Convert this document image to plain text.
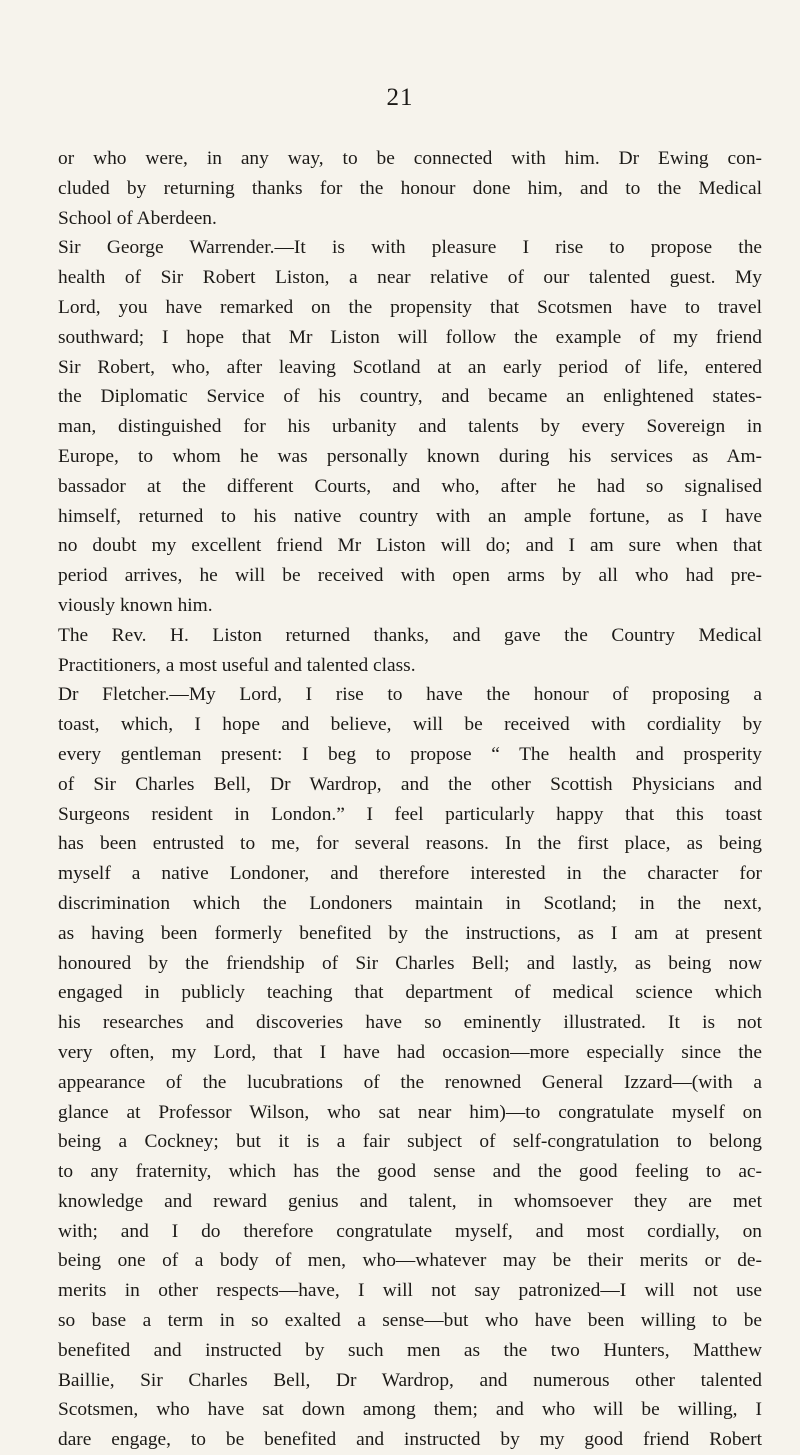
21
or who were, in any way, to be connected with him. Dr Ewing con-
cluded by returning thanks for the honour done him, and to the Medical
School of Aberdeen.
Sir George Warrender.—It is with pleasure I rise to propose the
health of Sir Robert Liston, a near relative of our talented guest. My
Lord, you have remarked on the propensity that Scotsmen have to travel
southward; I hope that Mr Liston will follow the example of my friend
Sir Robert, who, after leaving Scotland at an early period of life, entered
the Diplomatic Service of his country, and became an enlightened states-
man, distinguished for his urbanity and talents by every Sovereign in
Europe, to whom he was personally known during his services as Am-
bassador at the different Courts, and who, after he had so signalised
himself, returned to his native country with an ample fortune, as I have
no doubt my excellent friend Mr Liston will do; and I am sure when that
period arrives, he will be received with open arms by all who had pre-
viously known him.
The Rev. H. Liston returned thanks, and gave the Country Medical
Practitioners, a most useful and talented class.
Dr Fletcher.—My Lord, I rise to have the honour of proposing a
toast, which, I hope and believe, will be received with cordiality by
every gentleman present: I beg to propose “ The health and prosperity
of Sir Charles Bell, Dr Wardrop, and the other Scottish Physicians and
Surgeons resident in London.” I feel particularly happy that this toast
has been entrusted to me, for several reasons. In the first place, as being
myself a native Londoner, and therefore interested in the character for
discrimination which the Londoners maintain in Scotland; in the next,
as having been formerly benefited by the instructions, as I am at present
honoured by the friendship of Sir Charles Bell; and lastly, as being now
engaged in publicly teaching that department of medical science which
his researches and discoveries have so eminently illustrated. It is not
very often, my Lord, that I have had occasion—more especially since the
appearance of the lucubrations of the renowned General Izzard—(with a
glance at Professor Wilson, who sat near him)—to congratulate myself on
being a Cockney; but it is a fair subject of self-congratulation to belong
to any fraternity, which has the good sense and the good feeling to ac-
knowledge and reward genius and talent, in whomsoever they are met
with; and I do therefore congratulate myself, and most cordially, on
being one of a body of men, who—whatever may be their merits or de-
merits in other respects—have, I will not say patronized—I will not use
so base a term in so exalted a sense—but who have been willing to be
benefited and instructed by such men as the two Hunters, Matthew
Baillie, Sir Charles Bell, Dr Wardrop, and numerous other talented
Scotsmen, who have sat down among them; and who will be willing, I
dare engage, to be benefited and instructed by my good friend Robert
